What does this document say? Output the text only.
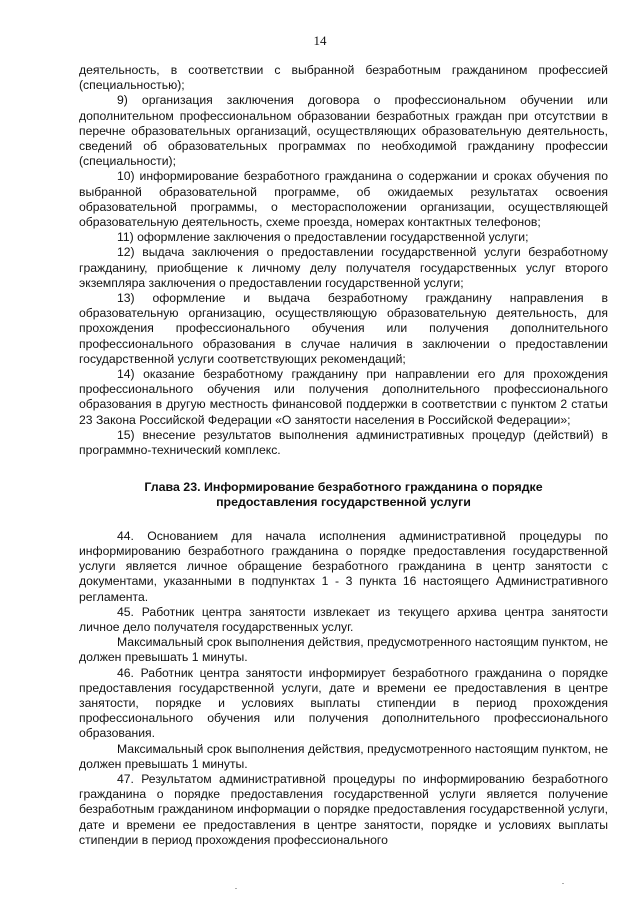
14

деятельность, в соответствии с выбранной безработным гражданином профессией (специальностью);

9) организация заключения договора о профессиональном обучении или дополнительном профессиональном образовании безработных граждан при отсутствии в перечне образовательных организаций, осуществляющих образовательную деятельность, сведений об образовательных программах по необходимой гражданину профессии (специальности);

10) информирование безработного гражданина о содержании и сроках обучения по выбранной образовательной программе, об ожидаемых результатах освоения образовательной программы, о месторасположении организации, осуществляющей образовательную деятельность, схеме проезда, номерах контактных телефонов;

11) оформление заключения о предоставлении государственной услуги;

12) выдача заключения о предоставлении государственной услуги безработному гражданину, приобщение к личному делу получателя государственных услуг второго экземпляра заключения о предоставлении государственной услуги;

13) оформление и выдача безработному гражданину направления в образовательную организацию, осуществляющую образовательную деятельность, для прохождения профессионального обучения или получения дополнительного профессионального образования в случае наличия в заключении о предоставлении государственной услуги соответствующих рекомендаций;

14) оказание безработному гражданину при направлении его для прохождения профессионального обучения или получения дополнительного профессионального образования в другую местность финансовой поддержки в соответствии с пунктом 2 статьи 23 Закона Российской Федерации «О занятости населения в Российской Федерации»;

15) внесение результатов выполнения административных процедур (действий) в программно-технический комплекс.

Глава 23. Информирование безработного гражданина о порядке
предоставления государственной услуги

44. Основанием для начала исполнения административной процедуры по информированию безработного гражданина о порядке предоставления государственной услуги является личное обращение безработного гражданина в центр занятости с документами, указанными в подпунктах 1 - 3 пункта 16 настоящего Административного регламента.

45. Работник центра занятости извлекает из текущего архива центра занятости личное дело получателя государственных услуг.

Максимальный срок выполнения действия, предусмотренного настоящим пунктом, не должен превышать 1 минуты.

46. Работник центра занятости информирует безработного гражданина о порядке предоставления государственной услуги, дате и времени ее предоставления в центре занятости, порядке и условиях выплаты стипендии в период прохождения профессионального обучения или получения дополнительного профессионального образования.

Максимальный срок выполнения действия, предусмотренного настоящим пунктом, не должен превышать 1 минуты.

47. Результатом административной процедуры по информированию безработного гражданина о порядке предоставления государственной услуги является получение безработным гражданином информации о порядке предоставления государственной услуги, дате и времени ее предоставления в центре занятости, порядке и условиях выплаты стипендии в период прохождения профессионального
